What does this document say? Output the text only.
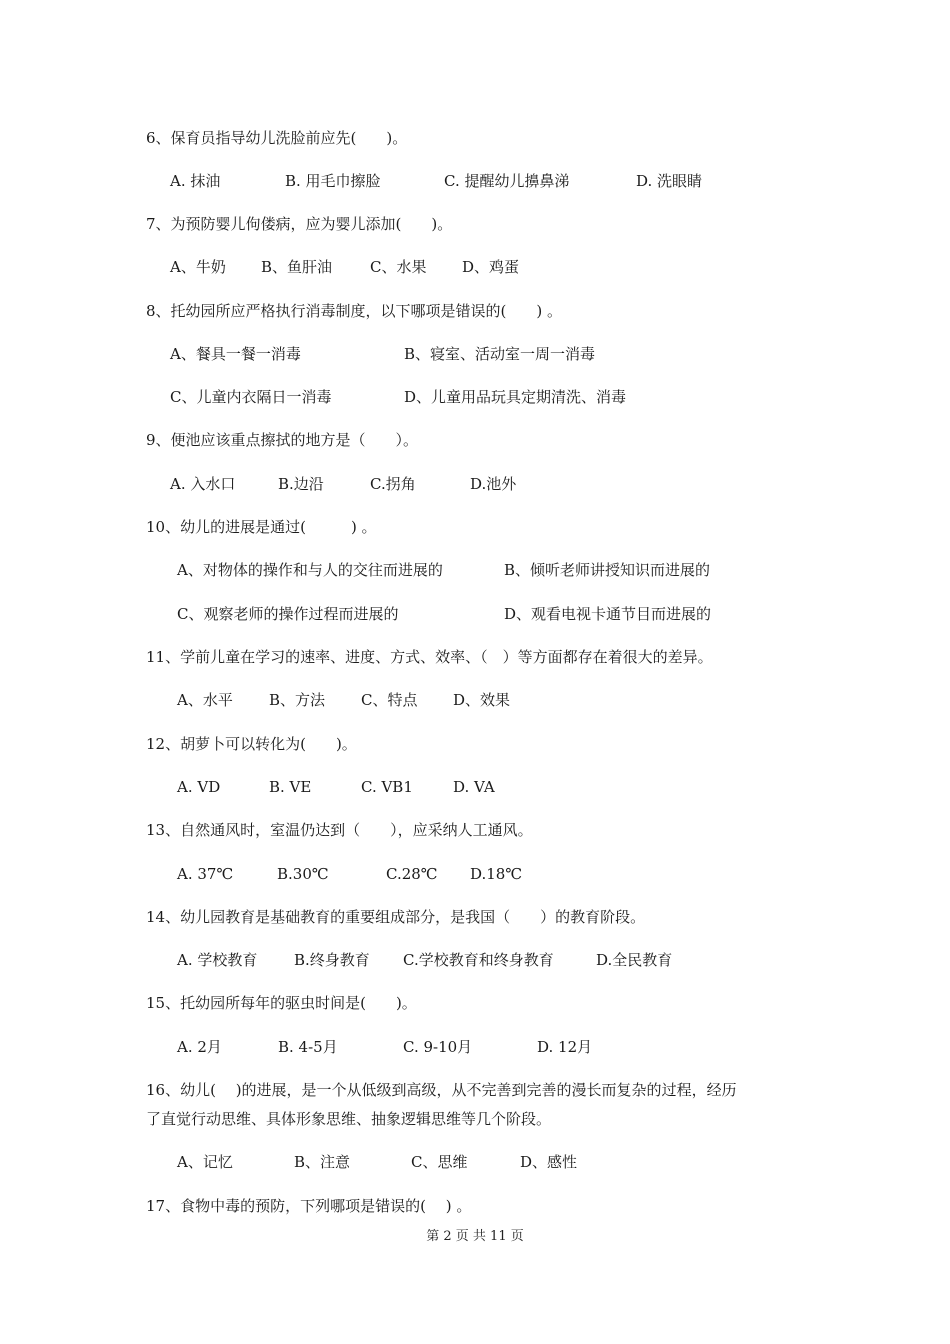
6、保育员指导幼儿洗脸前应先(　　)。
A. 抹油	B. 用毛巾擦脸	C. 提醒幼儿擤鼻涕	D. 洗眼睛
7、为预防婴儿佝偻病，应为婴儿添加(　　)。
A、牛奶 B、鱼肝油	C、水果 D、鸡蛋
8、托幼园所应严格执行消毒制度，以下哪项是错误的(　　) 。
A、餐具一餐一消毒	B、寝室、活动室一周一消毒
C、儿童内衣隔日一消毒	D、儿童用品玩具定期清洗、消毒
9、便池应该重点擦拭的地方是（　　）。
A. 入水口	B.边沿	C.拐角	D.池外
10、幼儿的进展是通过(　　　) 。
A、对物体的操作和与人的交往而进展的	B、倾听老师讲授知识而进展的
C、观察老师的操作过程而进展的	D、观看电视卡通节目而进展的
11、学前儿童在学习的速率、进度、方式、效率、（　）等方面都存在着很大的差异。
A、水平 B、方法 C、特点 D、效果
12、胡萝卜可以转化为(　　)。
A. VD	B. VE	C. VB1	D. VA
13、自然通风时，室温仍达到（　　），应采纳人工通风。
A. 37℃	B.30℃	C.28℃ D.18℃
14、幼儿园教育是基础教育的重要组成部分，是我国（　　）的教育阶段。
A. 学校教育 B.终身教育 C.学校教育和终身教育	D.全民教育
15、托幼园所每年的驱虫时间是(　　)。
A. 2月	B. 4-5月	C. 9-10月	D. 12月
16、幼儿(　 )的进展，是一个从低级到高级，从不完善到完善的漫长而复杂的过程，经历
了直觉行动思维、具体形象思维、抽象逻辑思维等几个阶段。
A、记忆	B、注意	C、思维	D、感性
17、食物中毒的预防，下列哪项是错误的(　 ) 。
第 2 页 共 11 页
